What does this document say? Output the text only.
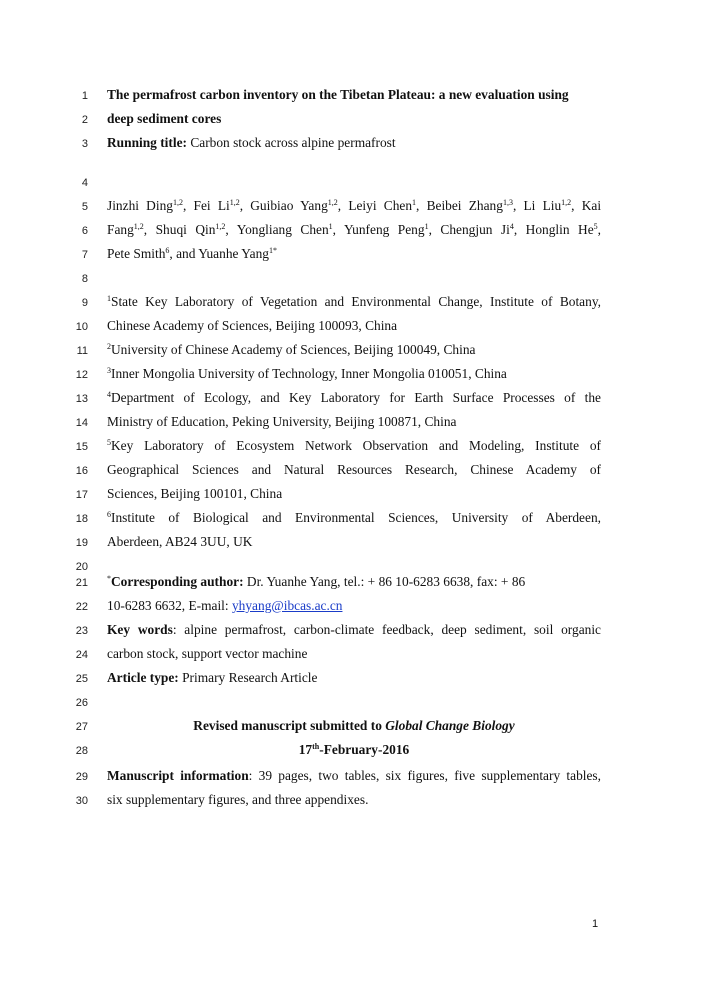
1 The permafrost carbon inventory on the Tibetan Plateau: a new evaluation using
2 deep sediment cores
3 Running title: Carbon stock across alpine permafrost
4
5 Jinzhi Ding$^{1,2}$, Fei Li$^{1,2}$, Guibiao Yang$^{1,2}$, Leiyi Chen$^1$, Beibei Zhang$^{1,3}$, Li Liu$^{1,2}$, Kai
6 Fang$^{1,2}$, Shuqi Qin$^{1,2}$, Yongliang Chen$^1$, Yunfeng Peng$^1$, Chengjun Ji$^4$, Honglin He$^5$,
7 Pete Smith$^6$, and Yuanhe Yang$^{1*}$
8
9 $^1$State Key Laboratory of Vegetation and Environmental Change, Institute of Botany,
10 Chinese Academy of Sciences, Beijing 100093, China
11 $^2$University of Chinese Academy of Sciences, Beijing 100049, China
12 $^3$Inner Mongolia University of Technology, Inner Mongolia 010051, China
13 $^4$Department of Ecology, and Key Laboratory for Earth Surface Processes of the
14 Ministry of Education, Peking University, Beijing 100871, China
15 $^5$Key Laboratory of Ecosystem Network Observation and Modeling, Institute of
16 Geographical Sciences and Natural Resources Research, Chinese Academy of
17 Sciences, Beijing 100101, China
18 $^6$Institute of Biological and Environmental Sciences, University of Aberdeen,
19 Aberdeen, AB24 3UU, UK
20
21 *Corresponding author: Dr. Yuanhe Yang, tel.: + 86 10-6283 6638, fax: + 86
22 10-6283 6632, E-mail: yhyang@ibcas.ac.cn
23 Key words: alpine permafrost, carbon-climate feedback, deep sediment, soil organic
24 carbon stock, support vector machine
25 Article type: Primary Research Article
26
27	Revised manuscript submitted to Global Change Biology
28	17th-February-2016
29 Manuscript information: 39 pages, two tables, six figures, five supplementary tables,
30 six supplementary figures, and three appendixes.
1
